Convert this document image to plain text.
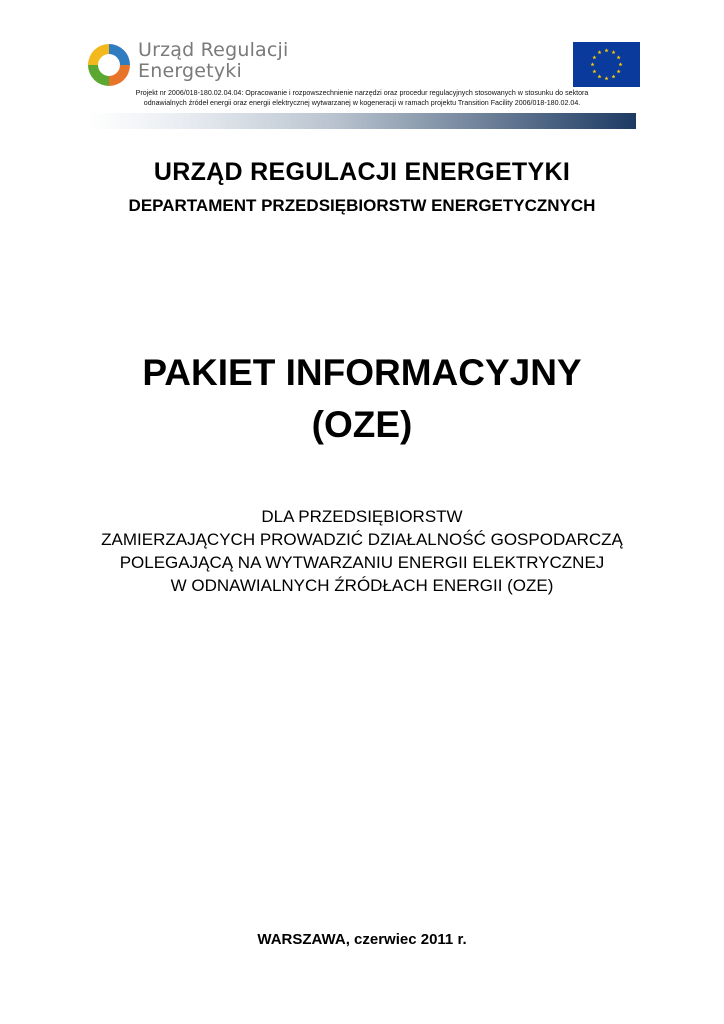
Urząd Regulacji
Energetyki
Projekt nr 2006/018-180.02.04.04: Opracowanie i rozpowszechnienie narzędzi oraz procedur regulacyjnych stosowanych w stosunku do sektora
odnawialnych źródeł energii oraz energii elektrycznej wytwarzanej w kogeneracji w ramach projektu Transition Facility 2006/018-180.02.04.
URZĄD REGULACJI ENERGETYKI
DEPARTAMENT PRZEDSIĘBIORSTW ENERGETYCZNYCH
PAKIET INFORMACYJNY
(OZE)
DLA PRZEDSIĘBIORSTW
ZAMIERZAJĄCYCH PROWADZIĆ DZIAŁALNOŚĆ GOSPODARCZĄ
POLEGAJĄCĄ NA WYTWARZANIU ENERGII ELEKTRYCZNEJ
W ODNAWIALNYCH ŹRÓDŁACH ENERGII (OZE)
WARSZAWA, czerwiec 2011 r.
